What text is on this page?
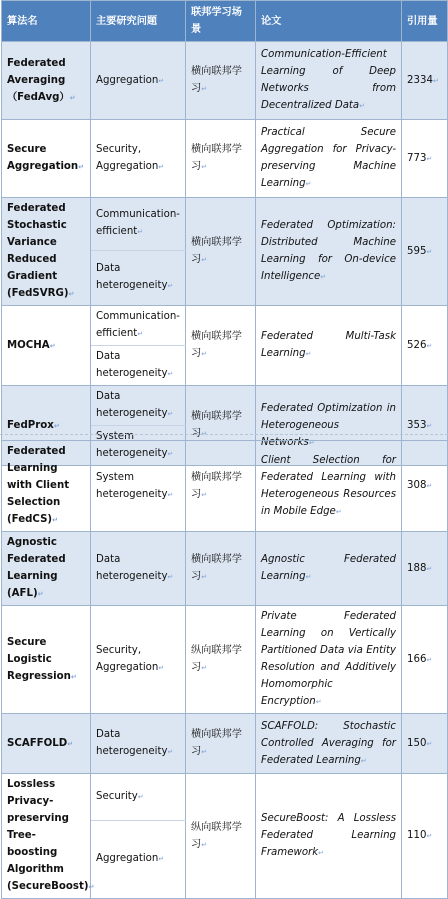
算法名	主要研究问题	联邦学习场景	论文	引用量
Federated Averaging（FedAvg）↵	Aggregation↵	横向联邦学习↵	Communication-Efficient Learning of Deep Networks from Decentralized Data↵	2334↵
Secure Aggregation↵	Security, Aggregation↵	横向联邦学习↵	Practical Secure Aggregation for Privacy-preserving Machine Learning↵	773↵
Federated Stochastic Variance Reduced Gradient (FedSVRG)↵	Communication-efficient↵	横向联邦学习↵	Federated Optimization: Distributed Machine Learning for On-device Intelligence↵	595↵
	Data heterogeneity↵			
MOCHA↵	Communication-efficient↵	横向联邦学习↵	Federated Multi-Task Learning↵	526↵
	Data heterogeneity↵			
FedProx↵	Data heterogeneity↵	横向联邦学习↵	Federated Optimization in Heterogeneous Networks↵	353↵
	System heterogeneity↵			
Federated Learning with Client Selection (FedCS)↵	System heterogeneity↵	横向联邦学习↵	Client Selection for Federated Learning with Heterogeneous Resources in Mobile Edge↵	308↵
Agnostic Federated Learning (AFL)↵	Data heterogeneity↵	横向联邦学习↵	Agnostic Federated Learning↵	188↵
Secure Logistic Regression↵	Security, Aggregation↵	纵向联邦学习↵	Private Federated Learning on Vertically Partitioned Data via Entity Resolution and Additively Homomorphic Encryption↵	166↵
SCAFFOLD↵	Data heterogeneity↵	横向联邦学习↵	SCAFFOLD: Stochastic Controlled Averaging for Federated Learning↵	150↵
Lossless Privacy-preserving Tree-boosting Algorithm (SecureBoost)↵	Security↵	纵向联邦学习↵	SecureBoost: A Lossless Federated Learning Framework↵	110↵
	Aggregation↵			
